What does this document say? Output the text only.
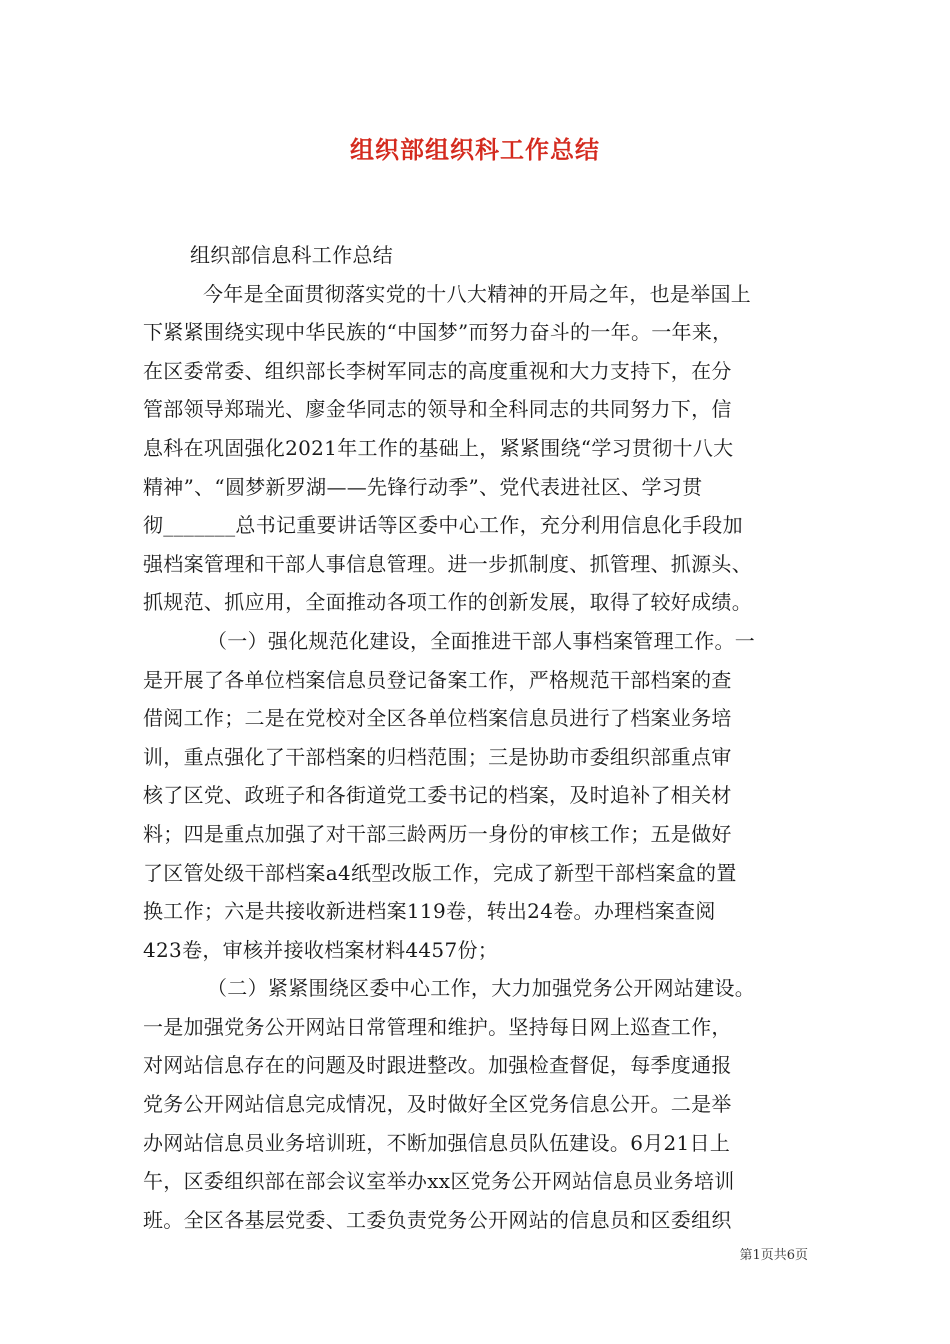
组织部组织科工作总结
组织部信息科工作总结
今年是全面贯彻落实党的十八大精神的开局之年，也是举国上
下紧紧围绕实现中华民族的“中国梦”而努力奋斗的一年。一年来，
在区委常委、组织部长李树军同志的高度重视和大力支持下，在分
管部领导郑瑞光、廖金华同志的领导和全科同志的共同努力下，信
息科在巩固强化2021年工作的基础上，紧紧围绕“学习贯彻十八大
精神”、“圆梦新罗湖——先锋行动季”、党代表进社区、学习贯
彻_______总书记重要讲话等区委中心工作，充分利用信息化手段加
强档案管理和干部人事信息管理。进一步抓制度、抓管理、抓源头、
抓规范、抓应用，全面推动各项工作的创新发展，取得了较好成绩。
（一）强化规范化建设，全面推进干部人事档案管理工作。一
是开展了各单位档案信息员登记备案工作，严格规范干部档案的查
借阅工作；二是在党校对全区各单位档案信息员进行了档案业务培
训，重点强化了干部档案的归档范围；三是协助市委组织部重点审
核了区党、政班子和各街道党工委书记的档案，及时追补了相关材
料；四是重点加强了对干部三龄两历一身份的审核工作；五是做好
了区管处级干部档案a4纸型改版工作，完成了新型干部档案盒的置
换工作；六是共接收新进档案119卷，转出24卷。办理档案查阅
423卷，审核并接收档案材料4457份；
（二）紧紧围绕区委中心工作，大力加强党务公开网站建设。
一是加强党务公开网站日常管理和维护。坚持每日网上巡查工作，
对网站信息存在的问题及时跟进整改。加强检查督促，每季度通报
党务公开网站信息完成情况，及时做好全区党务信息公开。二是举
办网站信息员业务培训班，不断加强信息员队伍建设。6月21日上
午，区委组织部在部会议室举办xx区党务公开网站信息员业务培训
班。全区各基层党委、工委负责党务公开网站的信息员和区委组织
第1页共6页
